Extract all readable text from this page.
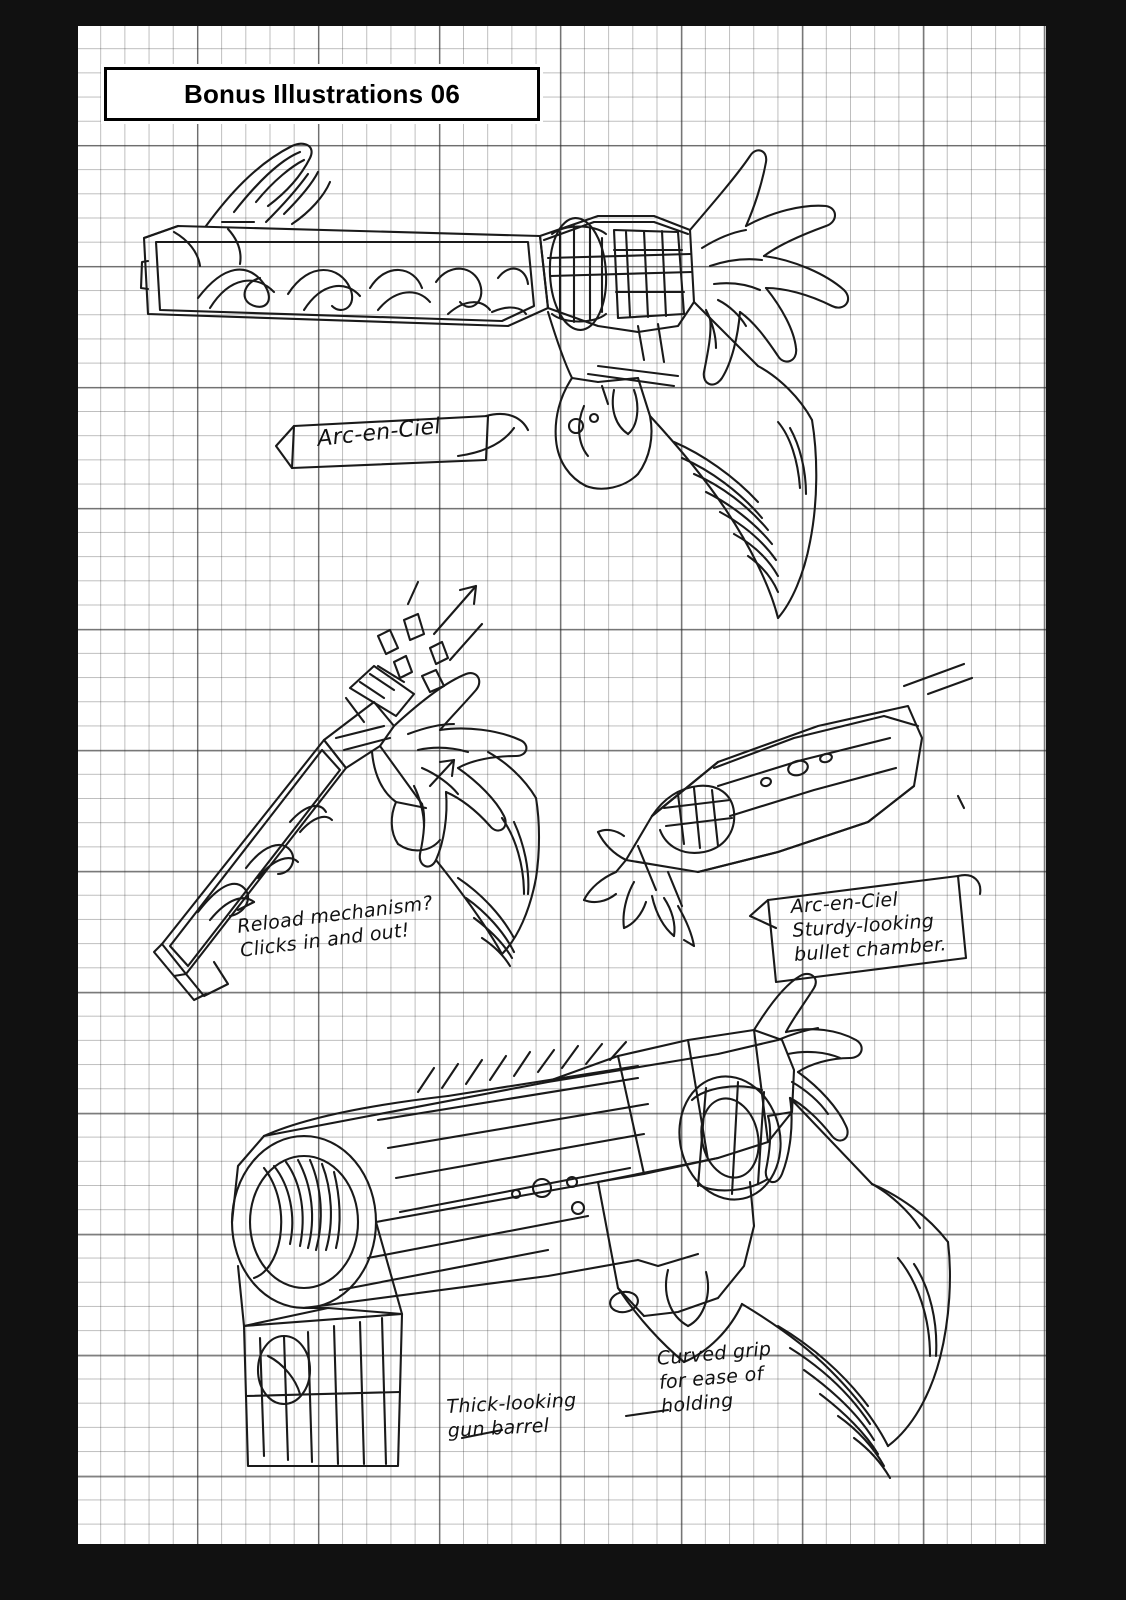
Bonus Illustrations 06
Arc-en-Ciel
Reload mechanism?
Clicks in and out!
Arc-en-Ciel
Sturdy-looking
bullet chamber.
Thick-looking
gun barrel
Curved grip
for ease of
holding
